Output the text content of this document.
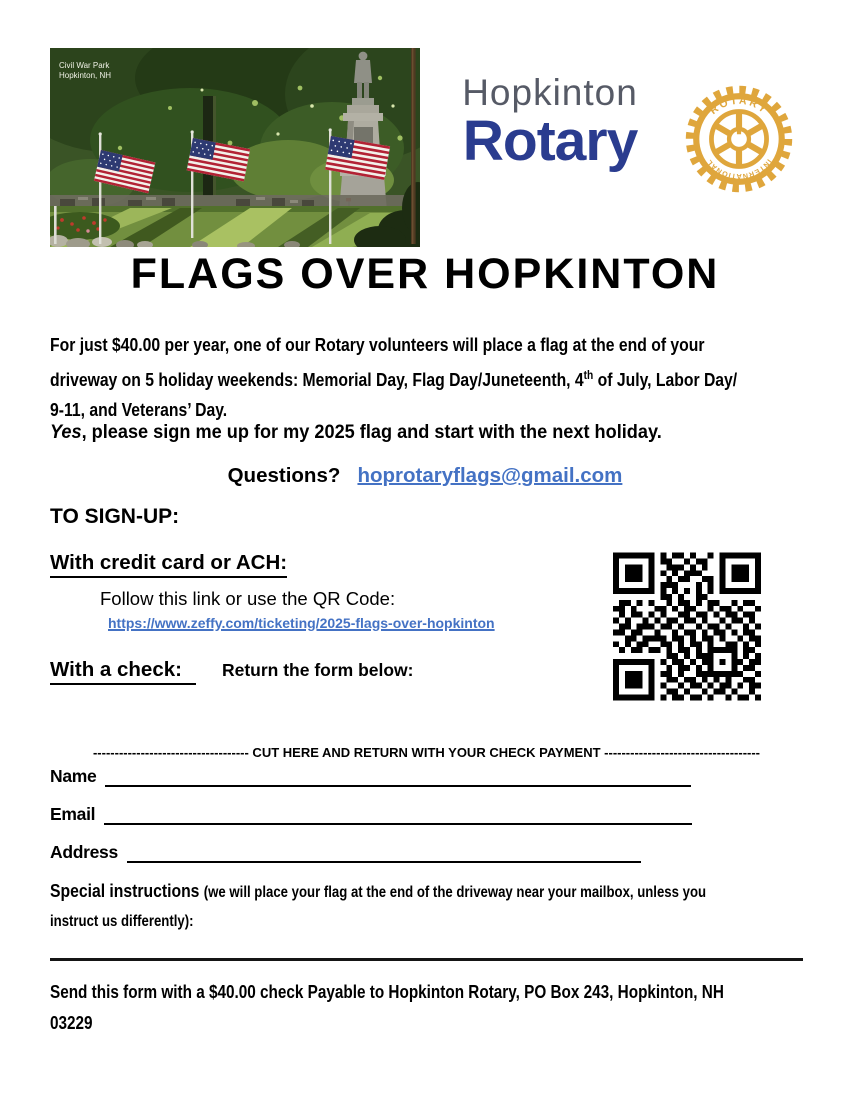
Civil War Park
Hopkinton, NH	Hopkinton
Rotary	ROTARY
INTERNATIONAL
FLAGS OVER HOPKINTON
For just $40.00 per year, one of our Rotary volunteers will place a flag at the end of your
driveway on 5 holiday weekends: Memorial Day, Flag Day/Juneteenth, 4th of July, Labor Day/
9-11, and Veterans’ Day.
Yes, please sign me up for my 2025 flag and start with the next holiday.
Questions? hoprotaryflags@gmail.com
TO SIGN-UP:
With credit card or ACH:
Follow this link or use the QR Code:
https://www.zeffy.com/ticketing/2025-flags-over-hopkinton
With a check: Return the form below:
------------------------------------ CUT HERE AND RETURN WITH YOUR CHECK PAYMENT ------------------------------------
Name
Email
Address
Special instructions (we will place your flag at the end of the driveway near your mailbox, unless you
instruct us differently):
Send this form with a $40.00 check Payable to Hopkinton Rotary, PO Box 243, Hopkinton, NH
03229
